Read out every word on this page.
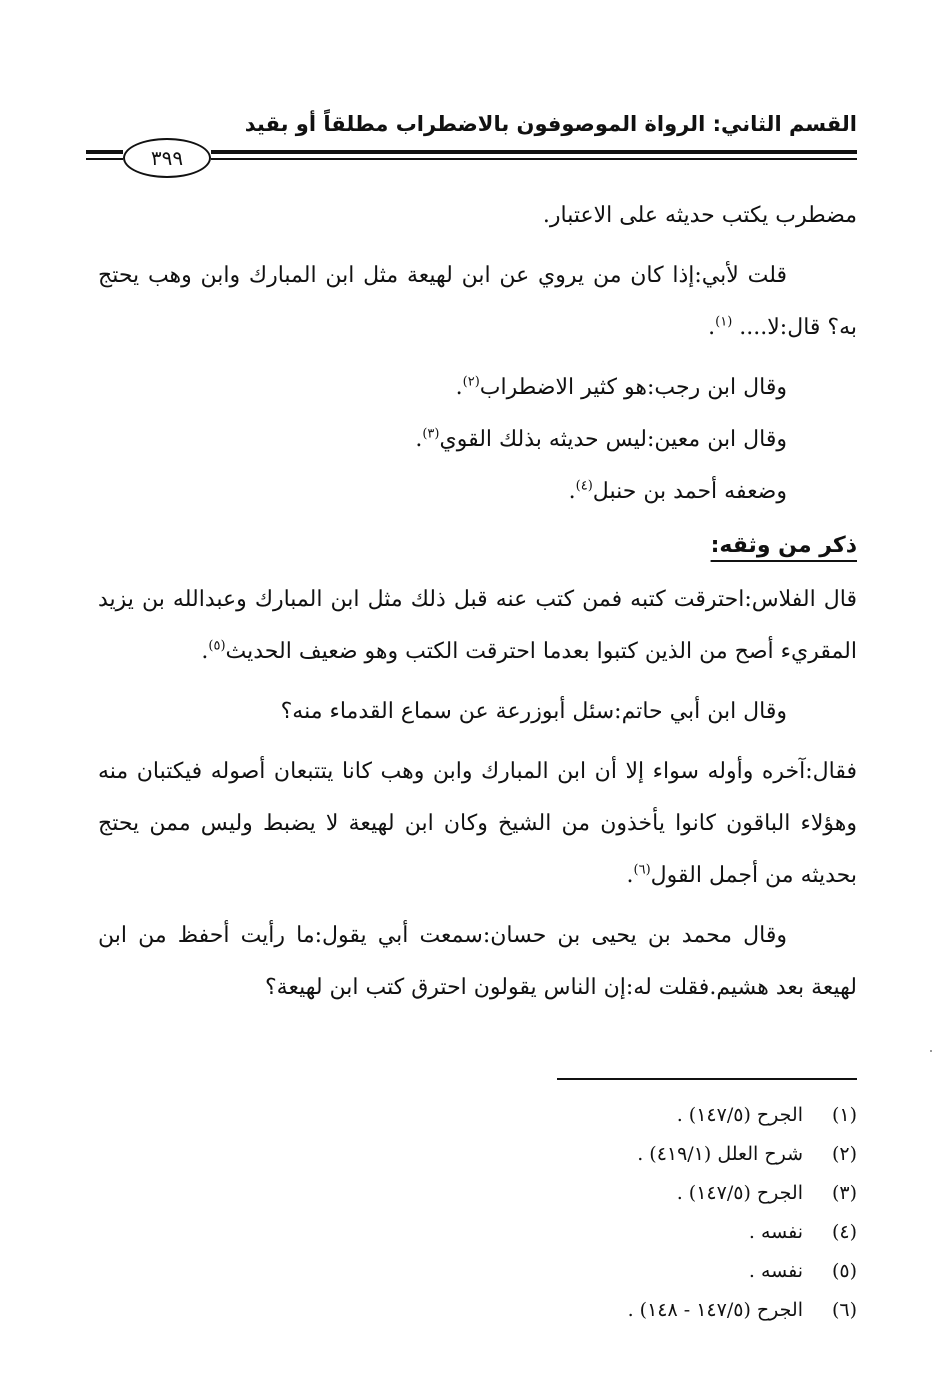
القسم الثاني: الرواة الموصوفون بالاضطراب مطلقاً أو بقيد
٣٩٩

مضطرب يكتب حديثه على الاعتبار.

قلت لأبي:إذا كان من يروي عن ابن لهيعة مثل ابن المبارك وابن وهب يحتج به؟ قال:لا.... $^{(١)}$.

وقال ابن رجب:هو كثير الاضطراب$^{(٢)}$.

وقال ابن معين:ليس حديثه بذلك القوي$^{(٣)}$.

وضعفه أحمد بن حنبل$^{(٤)}$.

ذكر من وثقه:

قال الفلاس:احترقت كتبه فمن كتب عنه قبل ذلك مثل ابن المبارك وعبدالله بن يزيد المقريء أصح من الذين كتبوا بعدما احترقت الكتب وهو ضعيف الحديث$^{(٥)}$.

وقال ابن أبي حاتم:سئل أبوزرعة عن سماع القدماء منه؟

فقال:آخره وأوله سواء إلا أن ابن المبارك وابن وهب كانا يتتبعان أصوله فيكتبان منه وهؤلاء الباقون كانوا يأخذون من الشيخ وكان ابن لهيعة لا يضبط وليس ممن يحتج بحديثه من أجمل القول$^{(٦)}$.

وقال محمد بن يحيى بن حسان:سمعت أبي يقول:ما رأيت أحفظ من ابن لهيعة بعد هشيم.فقلت له:إن الناس يقولون احترق كتب ابن لهيعة؟

(١)الجرح (١٤٧/٥) .
(٢)شرح العلل (٤١٩/١) .
(٣)الجرح (١٤٧/٥) .
(٤)نفسه .
(٥)نفسه .
(٦)الجرح (١٤٧/٥ - ١٤٨) .
